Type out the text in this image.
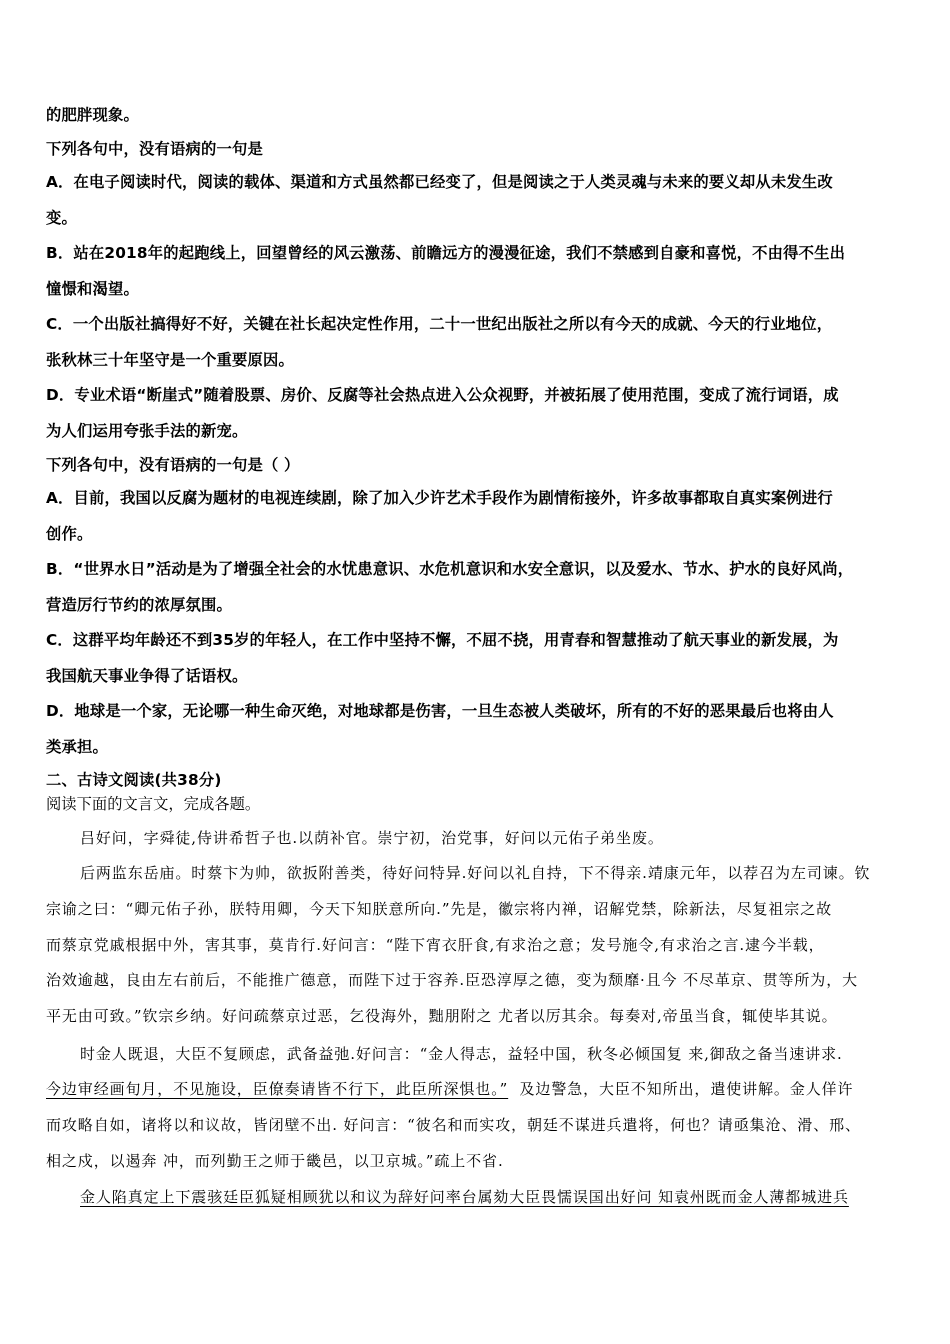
的肥胖现象。
下列各句中，没有语病的一句是
A．在电子阅读时代，阅读的载体、渠道和方式虽然都已经变了，但是阅读之于人类灵魂与未来的要义却从未发生改
变。
B．站在2018年的起跑线上，回望曾经的风云激荡、前瞻远方的漫漫征途，我们不禁感到自豪和喜悦，不由得不生出
憧憬和渴望。
C．一个出版社搞得好不好，关键在社长起决定性作用，二十一世纪出版社之所以有今天的成就、今天的行业地位，
张秋林三十年坚守是一个重要原因。
D．专业术语“断崖式”随着股票、房价、反腐等社会热点进入公众视野，并被拓展了使用范围，变成了流行词语，成
为人们运用夸张手法的新宠。
下列各句中，没有语病的一句是（ ）
A．目前，我国以反腐为题材的电视连续剧，除了加入少许艺术手段作为剧情衔接外，许多故事都取自真实案例进行
创作。
B．“世界水日”活动是为了增强全社会的水忧患意识、水危机意识和水安全意识，以及爱水、节水、护水的良好风尚，
营造厉行节约的浓厚氛围。
C．这群平均年龄还不到35岁的年轻人，在工作中坚持不懈，不屈不挠，用青春和智慧推动了航天事业的新发展，为
我国航天事业争得了话语权。
D．地球是一个家，无论哪一种生命灭绝，对地球都是伤害，一旦生态被人类破坏，所有的不好的恶果最后也将由人
类承担。
二、古诗文阅读(共38分)
阅读下面的文言文，完成各题。
吕好问，字舜徒,侍讲希哲子也.以荫补官。崇宁初，治党事，好问以元佑子弟坐废。
后两监东岳庙。时蔡卞为帅，欲扳附善类，待好问特异.好问以礼自持，下不得亲.靖康元年，以荐召为左司谏。钦
宗谕之曰：“卿元佑子孙，朕特用卿，今天下知朕意所向.”先是，徽宗将内禅，诏解党禁，除新法，尽复祖宗之故
而蔡京党戚根据中外，害其事，莫肯行.好问言：“陛下宵衣肝食,有求治之意；发号施令,有求治之言.逮今半载，
治效逾越，良由左右前后，不能推广德意，而陛下过于容养.臣恐淳厚之德，变为颓靡·且今 不尽革京、贯等所为，大
平无由可致。”钦宗乡纳。好问疏蔡京过恶，乞役海外，黜朋附之 尤者以厉其余。每奏对,帝虽当食，辄使毕其说。
时金人既退，大臣不复顾虑，武备益弛.好问言：“金人得志，益轻中国，秋冬必倾国复 来,御敌之备当速讲求.
今边审经画旬月，不见施设，臣僚奏请皆不行下，此臣所深惧也。” 及边警急，大臣不知所出，遣使讲解。金人佯许
而攻略自如，诸将以和议故，皆闭壁不出. 好问言：“彼名和而实攻，朝廷不谋进兵遣将，何也？请亟集沧、滑、邢、
相之戍，以遏奔 冲，而列勤王之师于畿邑，以卫京城。”疏上不省.
金人陷真定上下震骇廷臣狐疑相顾犹以和议为辞好问率台属劾大臣畏懦误国出好问 知袁州既而金人薄都城进兵
